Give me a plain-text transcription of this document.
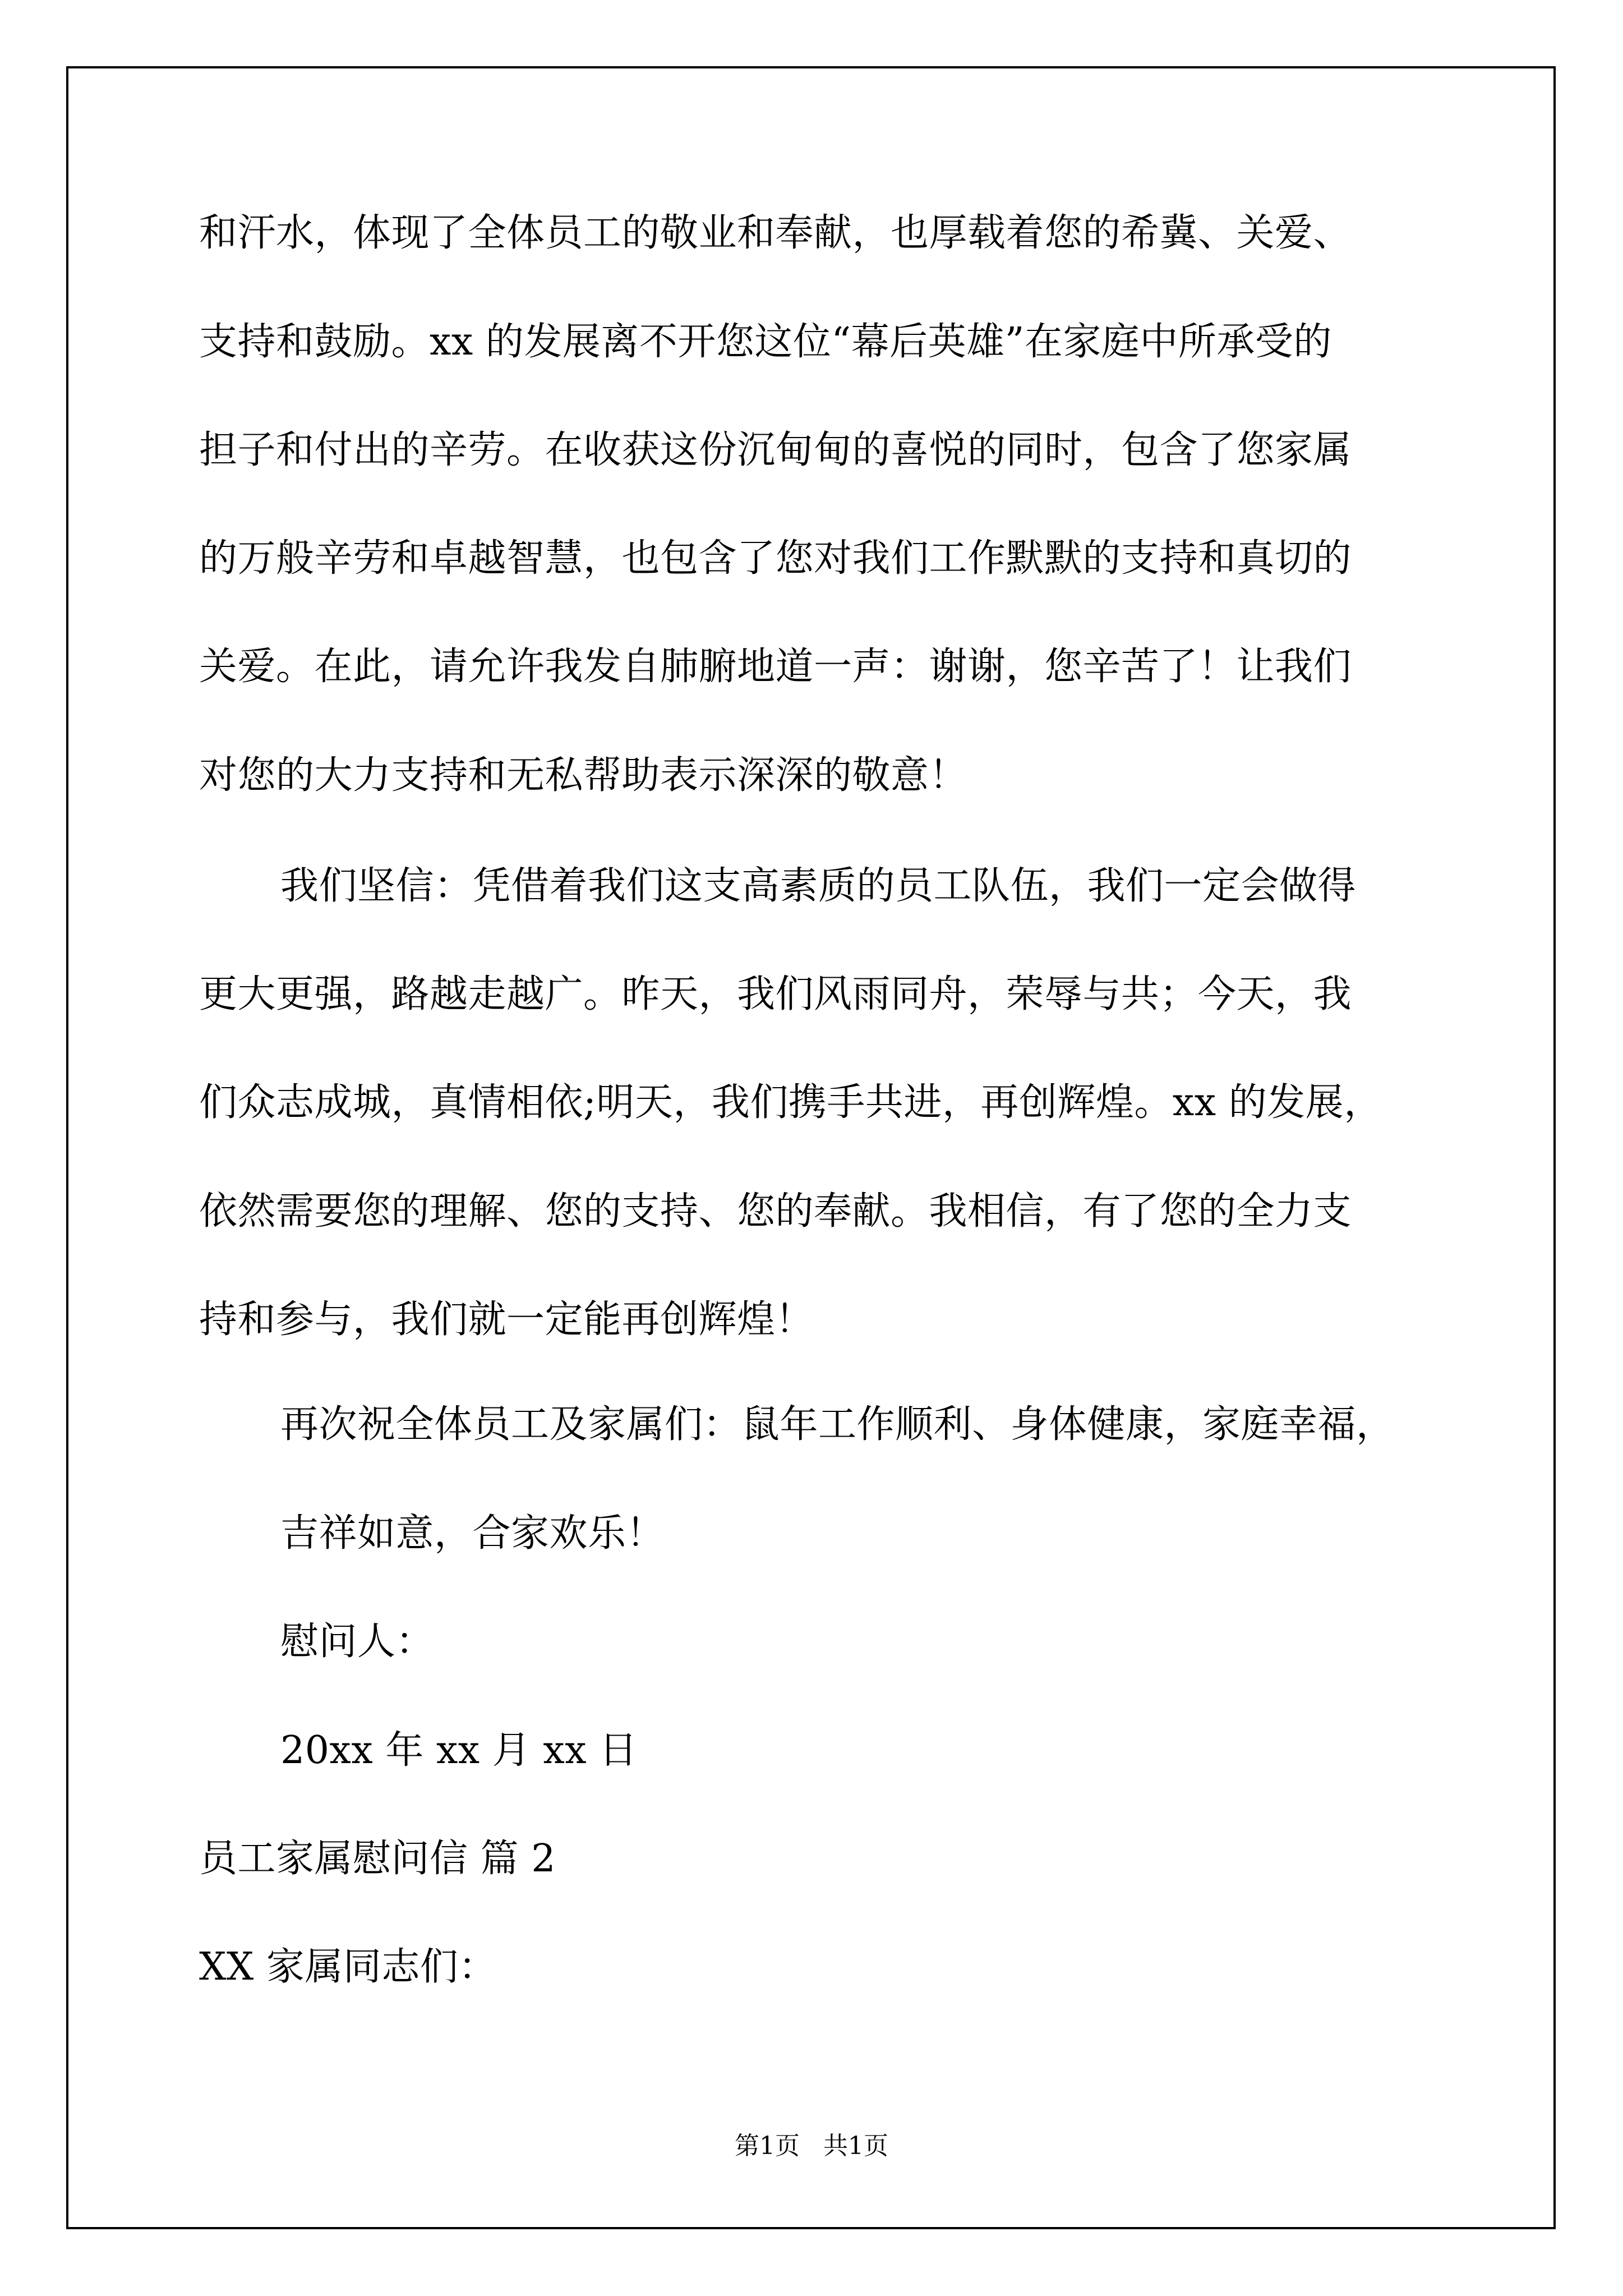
和汗水，体现了全体员工的敬业和奉献，也厚载着您的希冀、关爱、
支持和鼓励。xx 的发展离不开您这位“幕后英雄”在家庭中所承受的
担子和付出的辛劳。在收获这份沉甸甸的喜悦的同时，包含了您家属
的万般辛劳和卓越智慧，也包含了您对我们工作默默的支持和真切的
关爱。在此，请允许我发自肺腑地道一声：谢谢，您辛苦了！让我们
对您的大力支持和无私帮助表示深深的敬意！
我们坚信：凭借着我们这支高素质的员工队伍，我们一定会做得
更大更强，路越走越广。昨天，我们风雨同舟，荣辱与共；今天，我
们众志成城，真情相依;明天，我们携手共进，再创辉煌。xx 的发展，
依然需要您的理解、您的支持、您的奉献。我相信，有了您的全力支
持和参与，我们就一定能再创辉煌！
再次祝全体员工及家属们：鼠年工作顺利、身体健康，家庭幸福，
吉祥如意，合家欢乐！
慰问人：
20xx 年 xx 月 xx 日
员工家属慰问信 篇 2
XX 家属同志们：
第1页   共1页
